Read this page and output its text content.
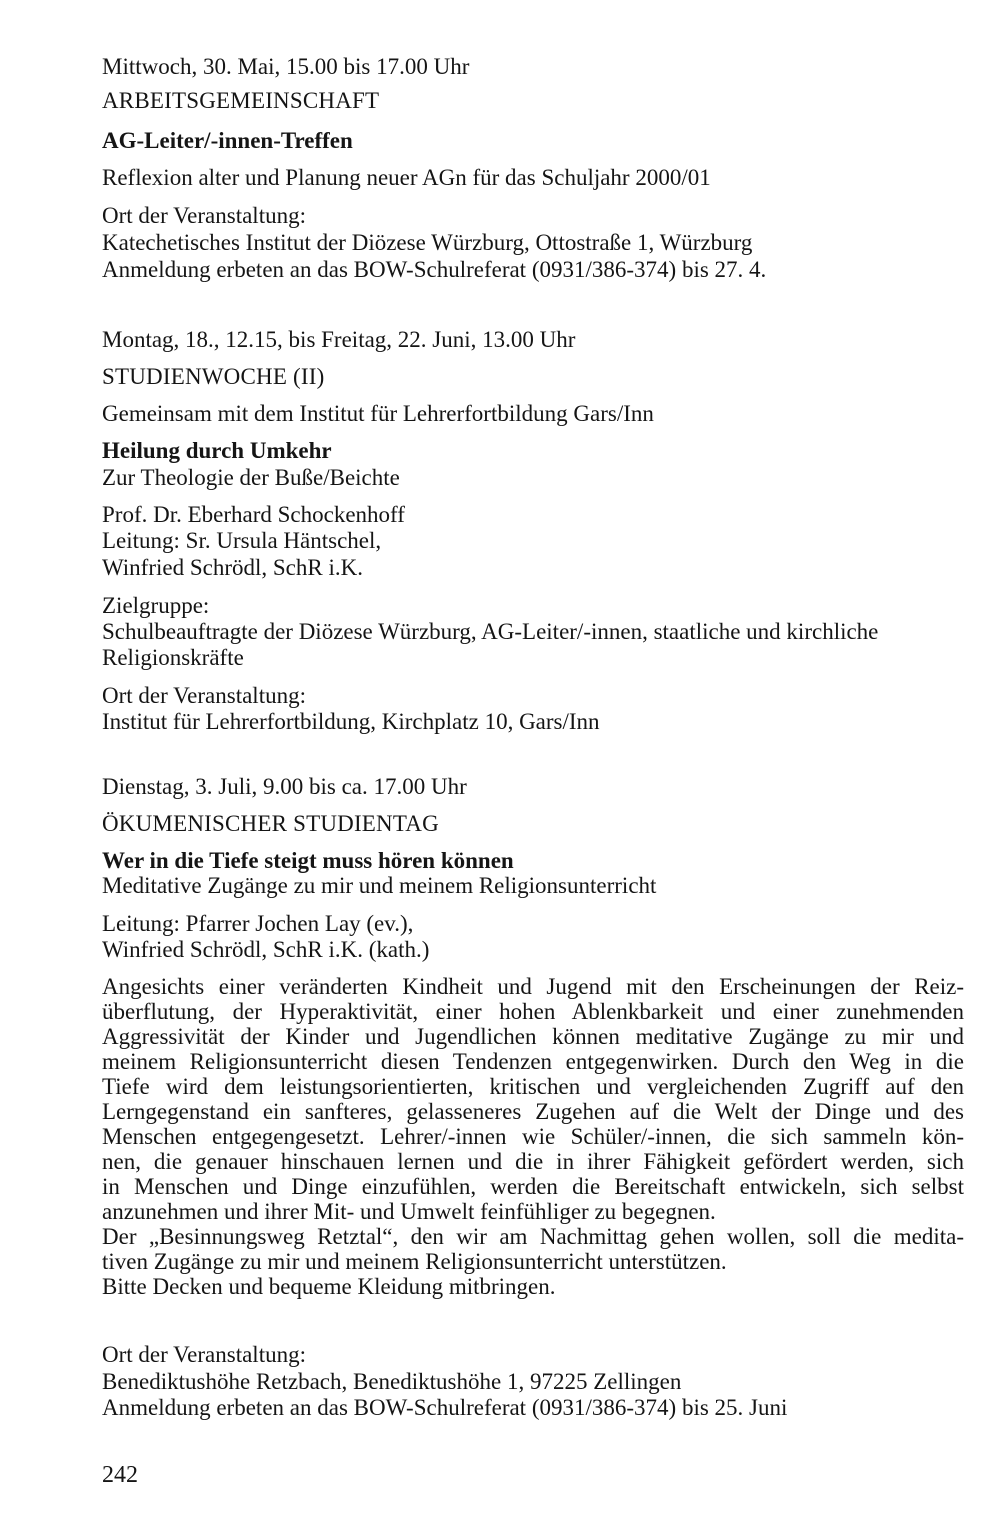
Mittwoch, 30. Mai, 15.00 bis 17.00 Uhr
ARBEITSGEMEINSCHAFT
AG-Leiter/-innen-Treffen
Reflexion alter und Planung neuer AGn für das Schuljahr 2000/01
Ort der Veranstaltung:
Katechetisches Institut der Diözese Würzburg, Ottostraße 1, Würzburg
Anmeldung erbeten an das BOW-Schulreferat (0931/386-374) bis 27. 4.
Montag, 18., 12.15, bis Freitag, 22. Juni, 13.00 Uhr
STUDIENWOCHE (II)
Gemeinsam mit dem Institut für Lehrerfortbildung Gars/Inn
Heilung durch Umkehr
Zur Theologie der Buße/Beichte
Prof. Dr. Eberhard Schockenhoff
Leitung: Sr. Ursula Häntschel,
Winfried Schrödl, SchR i.K.
Zielgruppe:
Schulbeauftragte der Diözese Würzburg, AG-Leiter/-innen, staatliche und kirchliche
Religionskräfte
Ort der Veranstaltung:
Institut für Lehrerfortbildung, Kirchplatz 10, Gars/Inn
Dienstag, 3. Juli, 9.00 bis ca. 17.00 Uhr
ÖKUMENISCHER STUDIENTAG
Wer in die Tiefe steigt muss hören können
Meditative Zugänge zu mir und meinem Religionsunterricht
Leitung: Pfarrer Jochen Lay (ev.),
Winfried Schrödl, SchR i.K. (kath.)
Angesichts einer veränderten Kindheit und Jugend mit den Erscheinungen der Reiz-
überflutung, der Hyperaktivität, einer hohen Ablenkbarkeit und einer zunehmenden
Aggressivität der Kinder und Jugendlichen können meditative Zugänge zu mir und
meinem Religionsunterricht diesen Tendenzen entgegenwirken. Durch den Weg in die
Tiefe wird dem leistungsorientierten, kritischen und vergleichenden Zugriff auf den
Lerngegenstand ein sanfteres, gelasseneres Zugehen auf die Welt der Dinge und des
Menschen entgegengesetzt. Lehrer/-innen wie Schüler/-innen, die sich sammeln kön-
nen, die genauer hinschauen lernen und die in ihrer Fähigkeit gefördert werden, sich
in Menschen und Dinge einzufühlen, werden die Bereitschaft entwickeln, sich selbst
anzunehmen und ihrer Mit- und Umwelt feinfühliger zu begegnen.
Der „Besinnungsweg Retztal“, den wir am Nachmittag gehen wollen, soll die medita-
tiven Zugänge zu mir und meinem Religionsunterricht unterstützen.
Bitte Decken und bequeme Kleidung mitbringen.
Ort der Veranstaltung:
Benediktushöhe Retzbach, Benediktushöhe 1, 97225 Zellingen
Anmeldung erbeten an das BOW-Schulreferat (0931/386-374) bis 25. Juni
242
